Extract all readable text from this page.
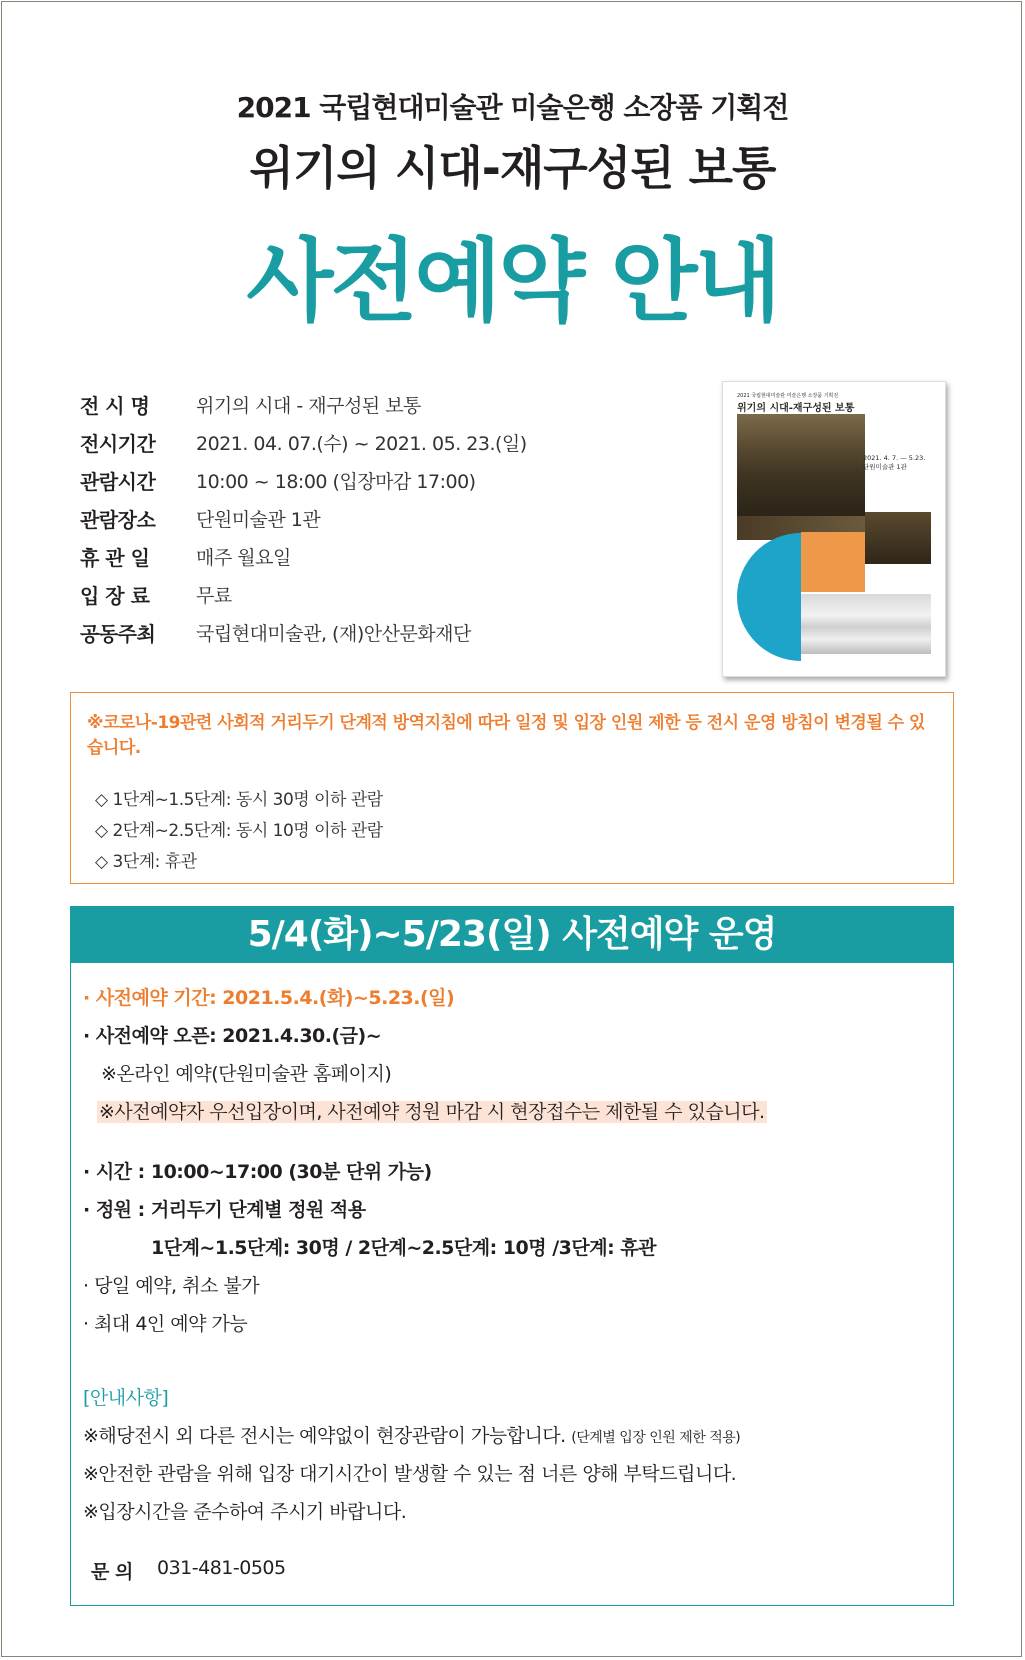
2021 국립현대미술관 미술은행 소장품 기획전
위기의 시대-재구성된 보통
사전예약 안내
전 시 명	위기의 시대 - 재구성된 보통
전시기간	2021. 04. 07.(수) ~ 2021. 05. 23.(일)
관람시간	10:00 ~ 18:00 (입장마감 17:00)
관람장소	단원미술관 1관
휴 관 일	매주 월요일
입 장 료	무료
공동주최	국립현대미술관, (재)안산문화재단
2021 국립현대미술관 미술은행 소장품 기획전
위기의 시대-재구성된 보통
2021. 4. 7. — 5.23.
단원미술관 1관
※코로나-19관련 사회적 거리두기 단계적 방역지침에 따라 일정 및 입장 인원 제한 등 전시 운영 방침이 변경될 수 있습니다.
◇ 1단계~1.5단계: 동시 30명 이하 관람
◇ 2단계~2.5단계: 동시 10명 이하 관람
◇ 3단계: 휴관
5/4(화)~5/23(일) 사전예약 운영
· 사전예약 기간: 2021.5.4.(화)~5.23.(일)
· 사전예약 오픈: 2021.4.30.(금)~
※온라인 예약(단원미술관 홈페이지)
※사전예약자 우선입장이며, 사전예약 정원 마감 시 현장접수는 제한될 수 있습니다.
· 시간 : 10:00~17:00 (30분 단위 가능)
· 정원 : 거리두기 단계별 정원 적용
1단계~1.5단계: 30명 / 2단계~2.5단계: 10명 /3단계: 휴관
· 당일 예약, 취소 불가
· 최대 4인 예약 가능
[안내사항]
※해당전시 외 다른 전시는 예약없이 현장관람이 가능합니다. (단계별 입장 인원 제한 적용)
※안전한 관람을 위해 입장 대기시간이 발생할 수 있는 점 너른 양해 부탁드립니다.
※입장시간을 준수하여 주시기 바랍니다.
문 의 031-481-0505
